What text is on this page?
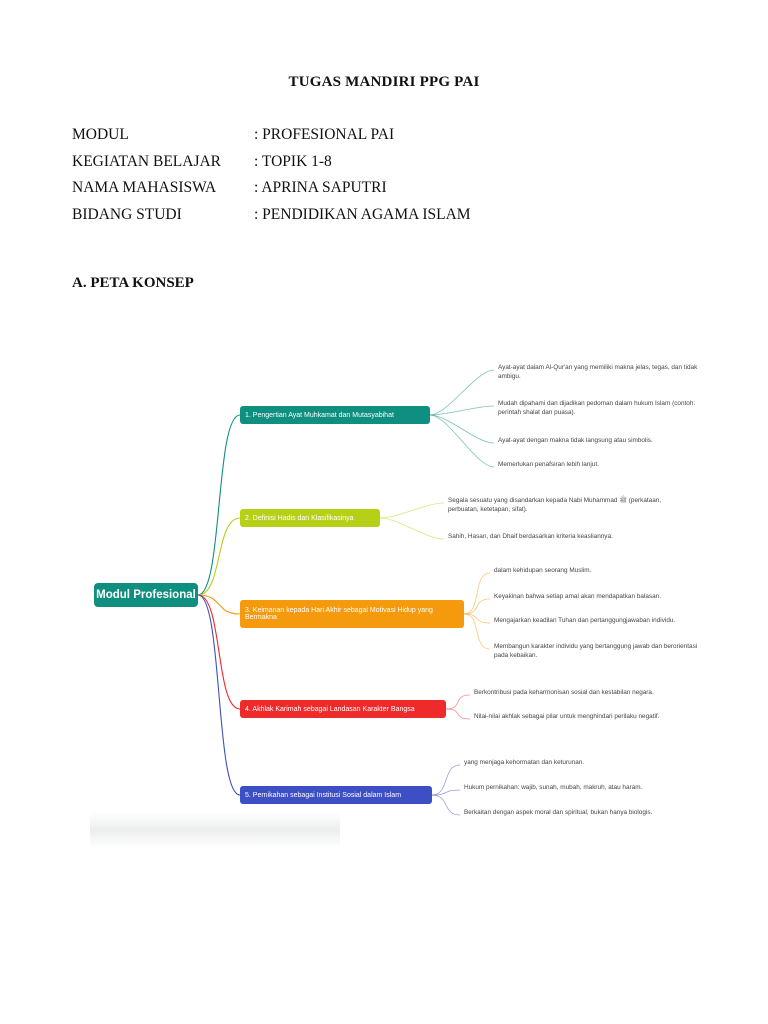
TUGAS MANDIRI PPG PAI
MODUL	: PROFESIONAL PAI
KEGIATAN BELAJAR : TOPIK 1-8
NAMA MAHASISWA : APRINA SAPUTRI
BIDANG STUDI	: PENDIDIKAN AGAMA ISLAM
A. PETA KONSEP
Modul Profesional
1. Pengertian Ayat Muhkamat dan Mutasyabihat
2. Definisi Hadis dan Klasifikasinya
3. Keimanan kepada Hari Akhir sebagai Motivasi Hidup yang Bermakna
4. Akhlak Karimah sebagai Landasan Karakter Bangsa
5. Pernikahan sebagai Institusi Sosial dalam Islam
Ayat-ayat dalam Al-Qur'an yang memiliki makna jelas, tegas, dan tidak ambigu.
Mudah dipahami dan dijadikan pedoman dalam hukum Islam (contoh: perintah shalat dan puasa).
Ayat-ayat dengan makna tidak langsung atau simbolis.
Memerlukan penafsiran lebih lanjut.
Segala sesuatu yang disandarkan kepada Nabi Muhammad ﷺ (perkataan, perbuatan, ketetapan, sifat).
Sahih, Hasan, dan Dhaif berdasarkan kriteria keasliannya.
dalam kehidupan seorang Muslim.
Keyakinan bahwa setiap amal akan mendapatkan balasan.
Mengajarkan keadilan Tuhan dan pertanggungjawaban individu.
Membangun karakter individu yang bertanggung jawab dan berorientasi pada kebaikan.
Berkontribusi pada keharmonisan sosial dan kestabilan negara.
Nilai-nilai akhlak sebagai pilar untuk menghindari perilaku negatif.
yang menjaga kehormatan dan keturunan.
Hukum pernikahan: wajib, sunah, mubah, makruh, atau haram.
Berkaitan dengan aspek moral dan spiritual, bukan hanya biologis.
